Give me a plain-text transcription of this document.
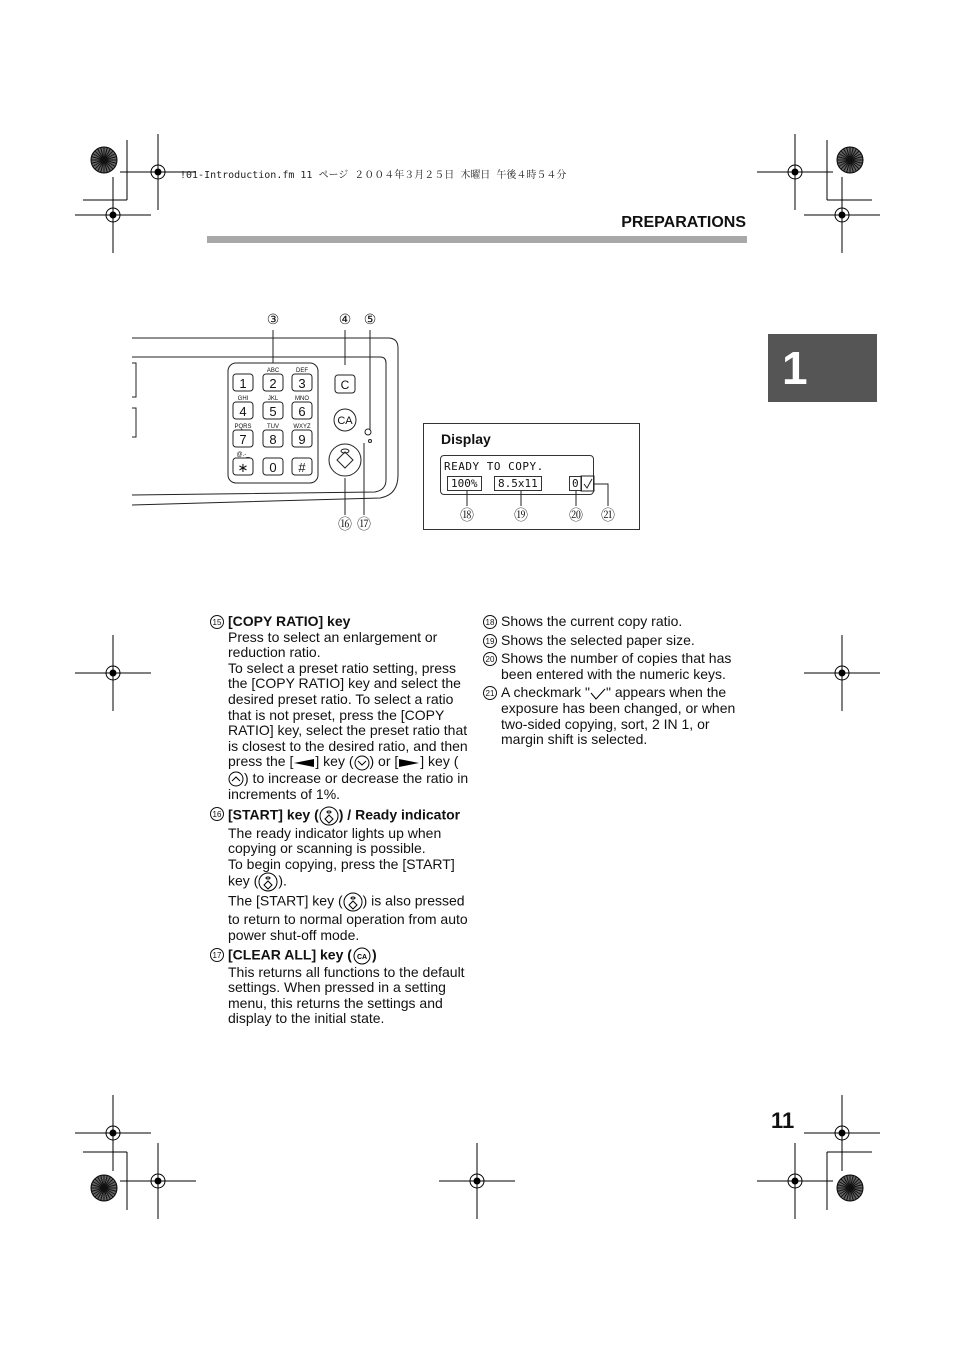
!01-Introduction.fm 11 ページ ２００４年３月２５日 木曜日 午後４時５４分
PREPARATIONS
1
③	④ ⑤
⑯ ⑰
1 2 3
4 5 6
7 8 9
∗ 0 #
ABC	DEF
GHI	JKL	MNO
PQRS	TUV WXYZ
@.-_
C
CA
Display
READY TO COPY.
100%	8.5x11	0
⑱	⑲	⑳ ㉑
15 [COPY RATIO] key

Press to select an enlargement or reduction ratio.

To select a preset ratio setting, press the [COPY RATIO] key and select the desired preset ratio. To select a ratio that is not preset, press the [COPY RATIO] key, select the preset ratio that is closest to the desired ratio, and then press the [ ] key ( ) or [ ] key () to increase or decrease the ratio in increments of 1%.

16 [START] key ( ) / Ready indicator

The ready indicator lights up when copying or scanning is possible.

To begin copying, press the [START] key ( ).

The [START] key ( ) is also pressed to return to normal operation from auto power shut-off mode.

17 [CLEAR ALL] key ( CA )

This returns all functions to the default settings. When pressed in a setting menu, this returns the settings and display to the initial state.

18 Shows the current copy ratio.

19 Shows the selected paper size.

20 Shows the number of copies that has been entered with the numeric keys.

21 A checkmark " " appears when the exposure has been changed, or when two-sided copying, sort, 2 IN 1, or margin shift is selected.

11
